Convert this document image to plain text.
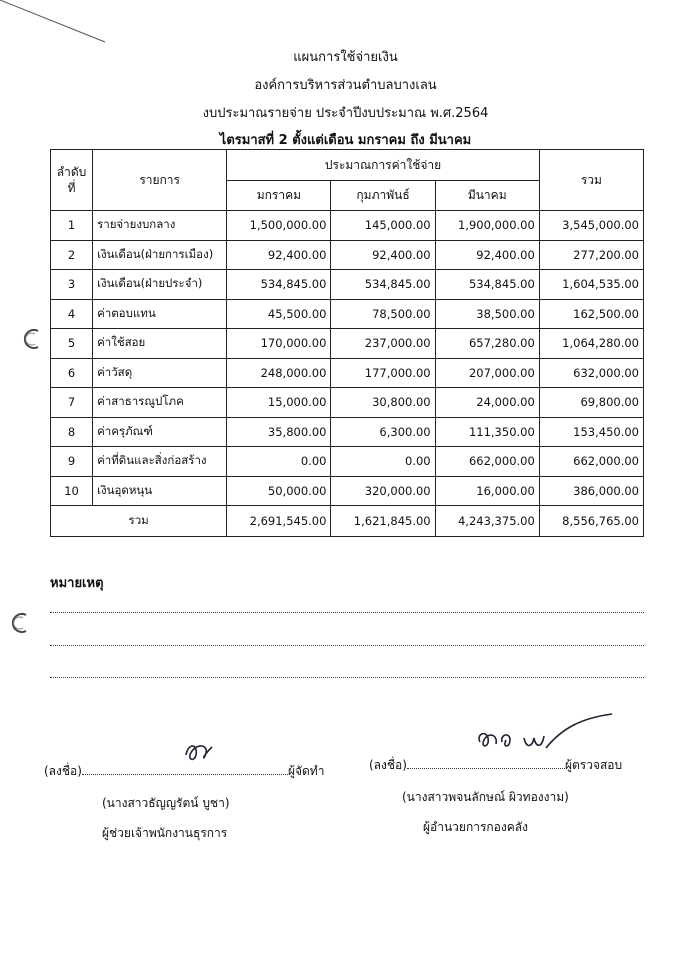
แผนการใช้จ่ายเงิน
องค์การบริหารส่วนตำบลบางเลน
งบประมาณรายจ่าย ประจำปีงบประมาณ พ.ศ.2564
ไตรมาสที่ 2 ตั้งแต่เดือน มกราคม ถึง มีนาคม
ลำดับที่	รายการ	ประมาณการค่าใช้จ่าย			รวม
		มกราคม	กุมภาพันธ์	มีนาคม	
1	รายจ่ายงบกลาง	1,500,000.00	145,000.00	1,900,000.00	3,545,000.00
2	เงินเดือน(ฝ่ายการเมือง)	92,400.00	92,400.00	92,400.00	277,200.00
3	เงินเดือน(ฝ่ายประจำ)	534,845.00	534,845.00	534,845.00	1,604,535.00
4	ค่าตอบแทน	45,500.00	78,500.00	38,500.00	162,500.00
5	ค่าใช้สอย	170,000.00	237,000.00	657,280.00	1,064,280.00
6	ค่าวัสดุ	248,000.00	177,000.00	207,000.00	632,000.00
7	ค่าสาธารณูปโภค	15,000.00	30,800.00	24,000.00	69,800.00
8	ค่าครุภัณฑ์	35,800.00	6,300.00	111,350.00	153,450.00
9	ค่าที่ดินและสิ่งก่อสร้าง	0.00	0.00	662,000.00	662,000.00
10	เงินอุดหนุน	50,000.00	320,000.00	16,000.00	386,000.00
รวม		2,691,545.00	1,621,845.00	4,243,375.00	8,556,765.00
หมายเหตุ
(ลงชื่อ)	ผู้จัดทำ
(นางสาวธัญญรัตน์ บูชา)
ผู้ช่วยเจ้าพนักงานธุรการ
(ลงชื่อ)	ผู้ตรวจสอบ
(นางสาวพจนลักษณ์ ผิวทองงาม)
ผู้อำนวยการกองคลัง
